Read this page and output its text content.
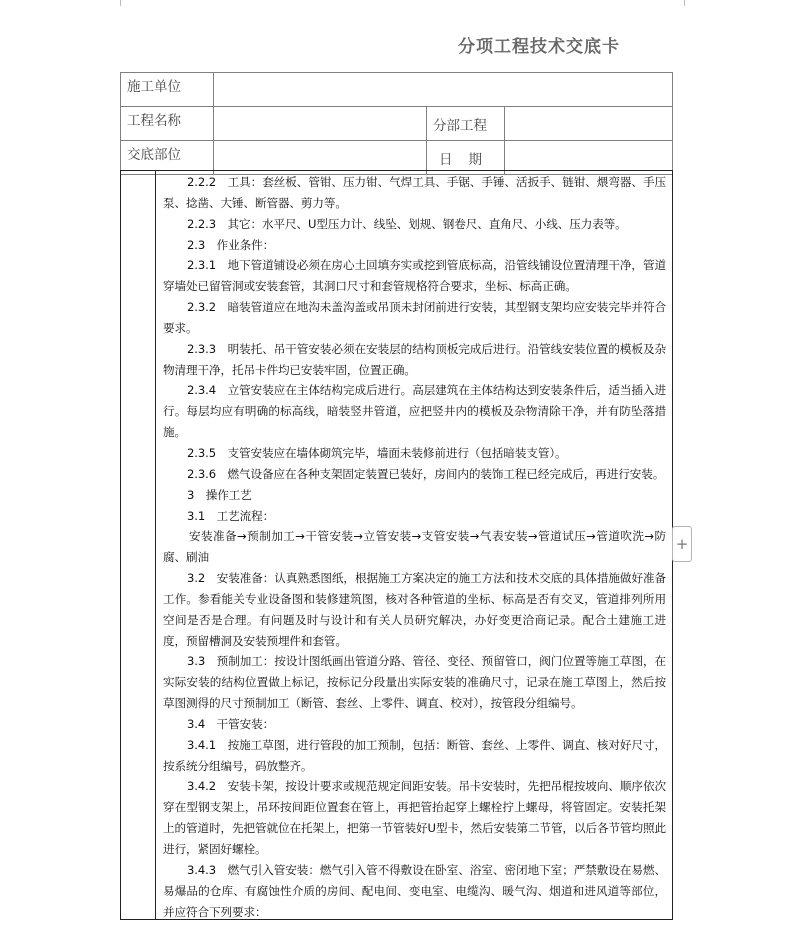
分项工程技术交底卡
施工单位			
工程名称		分部工程	
交底部位		日 期	

2.2.2　工具：套丝板、管钳、压力钳、气焊工具、手锯、手锤、活扳手、链钳、煨弯器、手压泵、捻凿、大锤、断管器、剪力等。

2.2.3　其它：水平尺、U型压力计、线坠、划规、钢卷尺、直角尺、小线、压力表等。

2.3　作业条件：

2.3.1　地下管道铺设必须在房心土回填夯实或挖到管底标高，沿管线铺设位置清理干净，管道穿墙处已留管洞或安装套管，其洞口尺寸和套管规格符合要求，坐标、标高正确。

2.3.2　暗装管道应在地沟未盖沟盖或吊顶未封闭前进行安装，其型钢支架均应安装完毕并符合要求。

2.3.3　明装托、吊干管安装必须在安装层的结构顶板完成后进行。沿管线安装位置的模板及杂物清理干净，托吊卡件均已安装牢固，位置正确。

2.3.4　立管安装应在主体结构完成后进行。高层建筑在主体结构达到安装条件后，适当插入进行。每层均应有明确的标高线，暗装竖井管道，应把竖井内的模板及杂物清除干净，并有防坠落措施。

2.3.5　支管安装应在墙体砌筑完毕，墙面未装修前进行（包括暗装支管）。

2.3.6　燃气设备应在各种支架固定装置已装好，房间内的装饰工程已经完成后，再进行安装。

3　操作工艺

3.1　工艺流程：

安装准备→预制加工→干管安装→立管安装→支管安装→气表安装→管道试压→管道吹洗→防腐、刷油

3.2　安装准备：认真熟悉图纸，根据施工方案决定的施工方法和技术交底的具体措施做好准备工作。参看能关专业设备图和装修建筑图，核对各种管道的坐标、标高是否有交叉，管道排列所用空间是否是合理。有问题及时与设计和有关人员研究解决，办好变更洽商记录。配合土建施工进度，预留槽洞及安装预埋件和套管。

3.3　预制加工：按设计图纸画出管道分路、管径、变径、预留管口，阀门位置等施工草图，在实际安装的结构位置做上标记，按标记分段量出实际安装的准确尺寸，记录在施工草图上，然后按草图测得的尺寸预制加工（断管、套丝、上零件、调直、校对），按管段分组编号。

3.4　干管安装：

3.4.1　按施工草图，进行管段的加工预制，包括：断管、套丝、上零件、调直、核对好尺寸，按系统分组编号，码放整齐。

3.4.2　安装卡架，按设计要求或规范规定间距安装。吊卡安装时，先把吊棍按坡向、顺序依次穿在型钢支架上，吊环按间距位置套在管上，再把管抬起穿上螺栓拧上螺母，将管固定。安装托架上的管道时，先把管就位在托架上，把第一节管装好U型卡，然后安装第二节管，以后各节管均照此进行，紧固好螺栓。

3.4.3　燃气引入管安装：燃气引入管不得敷设在卧室、浴室、密闭地下室；严禁敷设在易燃、易爆品的仓库、有腐蚀性介质的房间、配电间、变电室、电缆沟、暖气沟、烟道和进风道等部位，并应符合下列要求：

+
